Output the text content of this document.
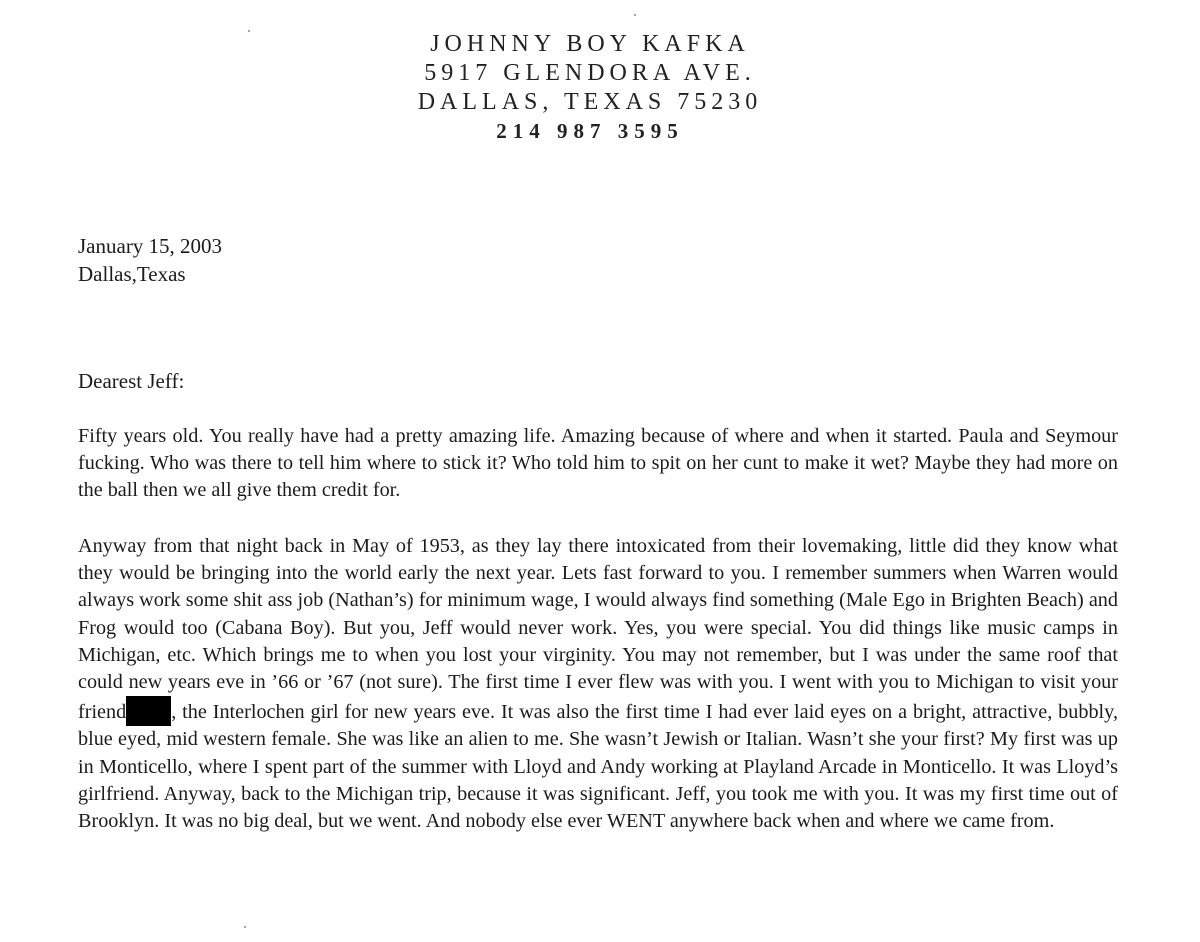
JOHNNY BOY KAFKA
5917 GLENDORA AVE.
DALLAS, TEXAS 75230
214 987 3595
January 15, 2003
Dallas,Texas
Dearest Jeff:
Fifty years old. You really have had a pretty amazing life. Amazing because of where and when it started. Paula and Seymour fucking. Who was there to tell him where to stick it? Who told him to spit on her cunt to make it wet? Maybe they had more on the ball then we all give them credit for.
Anyway from that night back in May of 1953, as they lay there intoxicated from their lovemaking, little did they know what they would be bringing into the world early the next year. Lets fast forward to you. I remember summers when Warren would always work some shit ass job (Nathan’s) for minimum wage, I would always find something (Male Ego in Brighten Beach) and Frog would too (Cabana Boy). But you, Jeff would never work. Yes, you were special. You did things like music camps in Michigan, etc. Which brings me to when you lost your virginity. You may not remember, but I was under the same roof that could new years eve in ’66 or ’67 (not sure). The first time I ever flew was with you. I went with you to Michigan to visit your friend , the Interlochen girl for new years eve. It was also the first time I had ever laid eyes on a bright, attractive, bubbly, blue eyed, mid western female. She was like an alien to me. She wasn’t Jewish or Italian. Wasn’t she your first? My first was up in Monticello, where I spent part of the summer with Lloyd and Andy working at Playland Arcade in Monticello. It was Lloyd’s girlfriend. Anyway, back to the Michigan trip, because it was significant. Jeff, you took me with you. It was my first time out of Brooklyn. It was no big deal, but we went. And nobody else ever WENT anywhere back when and where we came from.
